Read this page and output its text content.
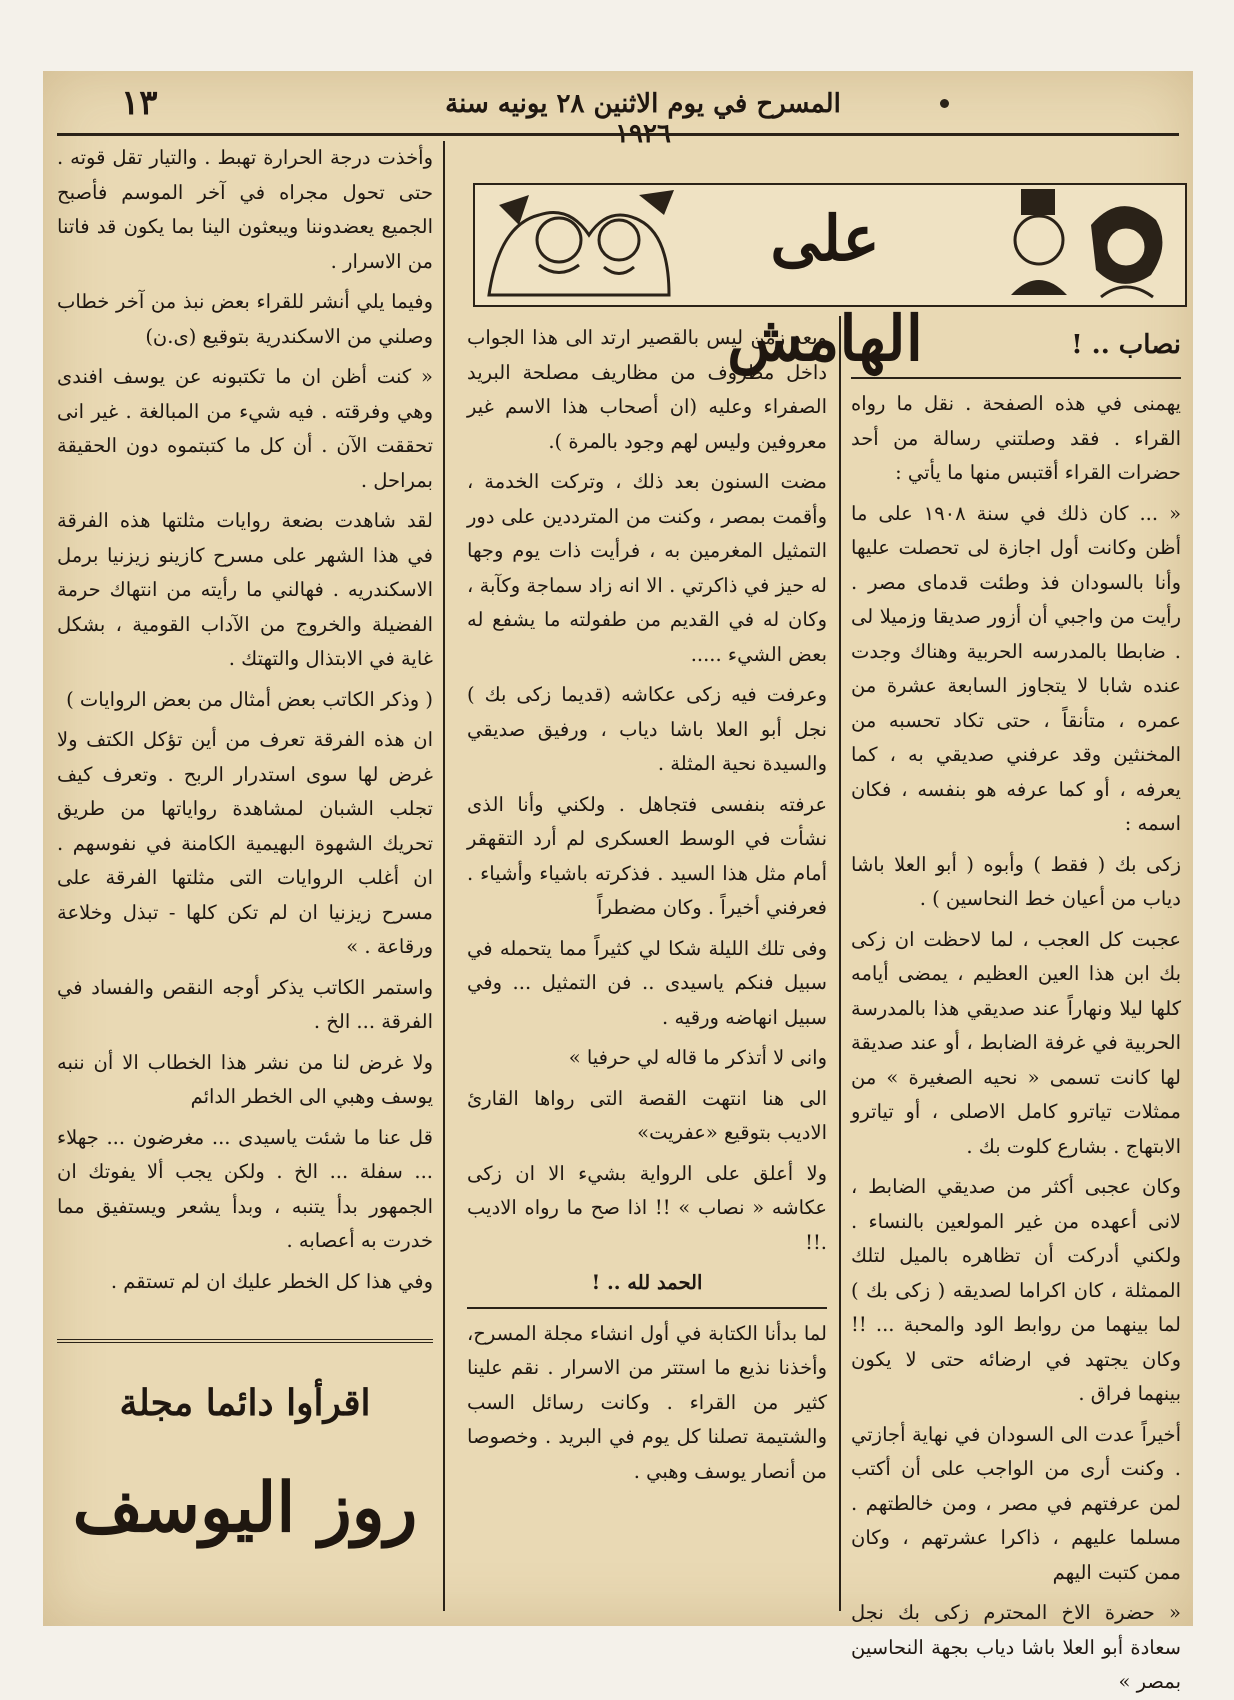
١٣	المسرح في يوم الاثنين ٢٨ يونيه سنة ١٩٢٦
على الهامش

وأخذت درجة الحرارة تهبط . والتيار تقل قوته . حتى تحول مجراه في آخر الموسم فأصبح الجميع يعضدوننا ويبعثون الينا بما يكون قد فاتنا من الاسرار .

وفيما يلي أنشر للقراء بعض نبذ من آخر خطاب وصلني من الاسكندرية بتوقيع (ى.ن)

« كنت أظن ان ما تكتبونه عن يوسف افندى وهي وفرقته . فيه شيء من المبالغة . غير انى تحققت الآن . أن كل ما كتبتموه دون الحقيقة بمراحل .

لقد شاهدت بضعة روايات مثلتها هذه الفرقة في هذا الشهر على مسرح كازينو زيزنيا برمل الاسكندريه . فهالني ما رأيته من انتهاك حرمة الفضيلة والخروج من الآداب القومية ، بشكل غاية في الابتذال والتهتك .

( وذكر الكاتب بعض أمثال من بعض الروايات )

ان هذه الفرقة تعرف من أين تؤكل الكتف ولا غرض لها سوى استدرار الربح . وتعرف كيف تجلب الشبان لمشاهدة رواياتها من طريق تحريك الشهوة البهيمية الكامنة في نفوسهم . ان أغلب الروايات التى مثلتها الفرقة على مسرح زيزنيا ان لم تكن كلها - تبذل وخلاعة ورقاعة . »

واستمر الكاتب يذكر أوجه النقص والفساد في الفرقة ... الخ .

ولا غرض لنا من نشر هذا الخطاب الا أن ننبه يوسف وهبي الى الخطر الدائم

قل عنا ما شئت ياسيدى ... مغرضون ... جهلاء ... سفلة ... الخ . ولكن يجب ألا يفوتك ان الجمهور بدأ يتنبه ، وبدأ يشعر ويستفيق مما خدرت به أعصابه .

وفي هذا كل الخطر عليك ان لم تستقم .

اقرأوا دائما مجلة
روز اليوسف

وبعد زمن ليس بالقصير ارتد الى هذا الجواب داخل مظروف من مظاريف مصلحة البريد الصفراء وعليه (ان أصحاب هذا الاسم غير معروفين وليس لهم وجود بالمرة ).

مضت السنون بعد ذلك ، وتركت الخدمة ، وأقمت بمصر ، وكنت من المترددين على دور التمثيل المغرمين به ، فرأيت ذات يوم وجها له حيز في ذاكرتي . الا انه زاد سماجة وكآبة ، وكان له في القديم من طفولته ما يشفع له بعض الشيء .....

وعرفت فيه زكى عكاشه (قديما زكى بك ) نجل أبو العلا باشا دياب ، ورفيق صديقي والسيدة نحية المثلة .

عرفته بنفسى فتجاهل . ولكني وأنا الذى نشأت في الوسط العسكرى لم أرد التقهقر أمام مثل هذا السيد . فذكرته باشياء وأشياء . فعرفني أخيراً . وكان مضطراً

وفى تلك الليلة شكا لي كثيراً مما يتحمله في سبيل فنكم ياسيدى .. فن التمثيل ... وفي سبيل انهاضه ورقيه .

وانى لا أتذكر ما قاله لي حرفيا »

الى هنا انتهت القصة التى رواها القارئ الاديب بتوقيع «عفريت»

ولا أعلق على الرواية بشيء الا ان زكى عكاشه « نصاب » !! اذا صح ما رواه الاديب .!!

الحمد لله .. !

لما بدأنا الكتابة في أول انشاء مجلة المسرح، وأخذنا نذيع ما استتر من الاسرار . نقم علينا كثير من القراء . وكانت رسائل السب والشتيمة تصلنا كل يوم في البريد . وخصوصا من أنصار يوسف وهبي .

نصاب .. !

يهمنى في هذه الصفحة . نقل ما رواه القراء . فقد وصلتني رسالة من أحد حضرات القراء أقتبس منها ما يأتي :

« ... كان ذلك في سنة ١٩٠٨ على ما أظن وكانت أول اجازة لى تحصلت عليها وأنا بالسودان فذ وطئت قدماى مصر . رأيت من واجبي أن أزور صديقا وزميلا لى . ضابطا بالمدرسه الحربية وهناك وجدت عنده شابا لا يتجاوز السابعة عشرة من عمره ، متأنقاً ، حتى تكاد تحسبه من المخنثين وقد عرفني صديقي به ، كما يعرفه ، أو كما عرفه هو بنفسه ، فكان اسمه :

زكى بك ( فقط ) وأبوه ( أبو العلا باشا دياب من أعيان خط النحاسين ) .

عجبت كل العجب ، لما لاحظت ان زكى بك ابن هذا العين العظيم ، يمضى أيامه كلها ليلا ونهاراً عند صديقي هذا بالمدرسة الحربية في غرفة الضابط ، أو عند صديقة لها كانت تسمى « نحيه الصغيرة » من ممثلات تياترو كامل الاصلى ، أو تياترو الابتهاج . بشارع كلوت بك .

وكان عجبى أكثر من صديقي الضابط ، لانى أعهده من غير المولعين بالنساء . ولكني أدركت أن تظاهره بالميل لتلك الممثلة ، كان اكراما لصديقه ( زكى بك ) لما بينهما من روابط الود والمحبة ... !! وكان يجتهد في ارضائه حتى لا يكون بينهما فراق .

أخيراً عدت الى السودان في نهاية أجازتي . وكنت أرى من الواجب على أن أكتب لمن عرفتهم في مصر ، ومن خالطتهم . مسلما عليهم ، ذاكرا عشرتهم ، وكان ممن كتبت اليهم

« حضرة الاخ المحترم زكى بك نجل سعادة أبو العلا باشا دياب بجهة النحاسين بمصر »
